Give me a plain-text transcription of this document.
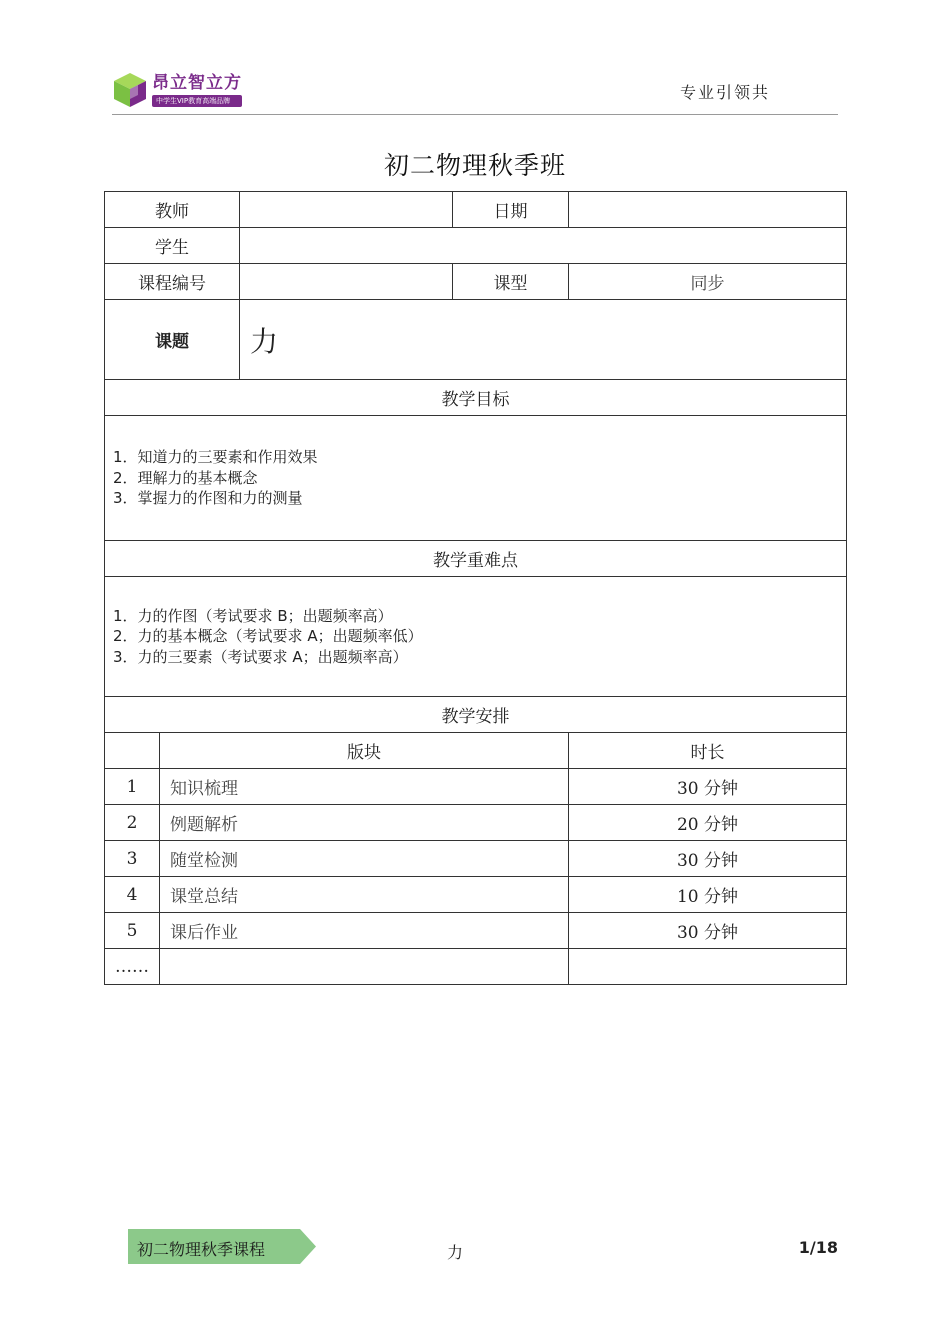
昂立智立方
中学生VIP教育高端品牌	专业引领共
初二物理秋季班
教师			日期	
学生				
课程编号			课型	同步
课题		力		
教学目标				

1．知道力的三要素和作用效果
2．理解力的基本概念
3．掌握力的作图和力的测量				

教学重难点				

1．力的作图（考试要求 B；出题频率高）
2．力的基本概念（考试要求 A；出题频率低）
3．力的三要素（考试要求 A；出题频率高）				

教学安排				
	版块			时长
1	知识梳理			30 分钟
2	例题解析			20 分钟
3	随堂检测			30 分钟
4	课堂总结			10 分钟
5	课后作业			30 分钟
……				
初二物理秋季课程	力	1/18
